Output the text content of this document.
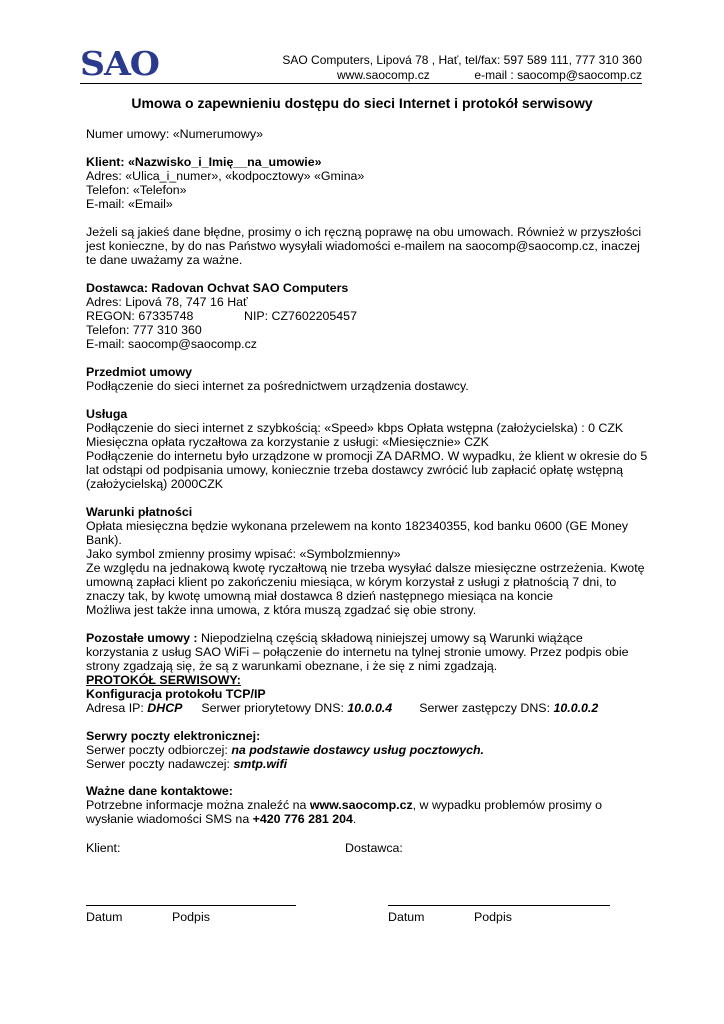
SAO	SAO Computers, Lipová 78 , Hať, tel/fax: 597 589 111, 777 310 360
www.saocomp.cz	e-mail : saocomp@saocomp.cz
Umowa o zapewnieniu dostępu do sieci Internet i protokół serwisowy
Numer umowy: «Numerumowy»
Klient: «Nazwisko_i_Imię__na_umowie»
Adres: «Ulica_i_numer», «kodpocztowy» «Gmina»
Telefon: «Telefon»
E-mail: «Email»
Jeżeli są jakieś dane błędne, prosimy o ich ręczną poprawę na obu umowach. Również w przyszłości
jest konieczne, by do nas Państwo wysyłali wiadomości e-mailem na saocomp@saocomp.cz, inaczej
te dane uważamy za ważne.
Dostawca: Radovan Ochvat SAO Computers
Adres: Lipová 78, 747 16 Hať
REGON: 67335748	NIP: CZ7602205457
Telefon: 777 310 360
E-mail: saocomp@saocomp.cz
Przedmiot umowy
Podłączenie do sieci internet za pośrednictwem urządzenia dostawcy.
Usługa
Podłączenie do sieci internet z szybkością: «Speed» kbps Opłata wstępna (założycielska) : 0 CZK
Miesięczna opłata ryczałtowa za korzystanie z usługi: «Miesięcznie» CZK
Podłączenie do internetu było urządzone w promocji ZA DARMO. W wypadku, że klient w okresie do 5
lat odstąpi od podpisania umowy, koniecznie trzeba dostawcy zwrócić lub zapłacić opłatę wstępną
(założycielską) 2000CZK
Warunki płatności
Opłata miesięczna będzie wykonana przelewem na konto 182340355, kod banku 0600 (GE Money
Bank).
Jako symbol zmienny prosimy wpisać: «Symbolzmienny»
Ze względu na jednakową kwotę ryczałtową nie trzeba wysyłać dalsze miesięczne ostrzeżenia. Kwotę
umowną zapłaci klient po zakończeniu miesiąca, w kórym korzystał z usługi z płatnością 7 dni, to
znaczy tak, by kwotę umowną miał dostawca 8 dzień następnego miesiąca na koncie
Możliwa jest także inna umowa, z która muszą zgadzać się obie strony.
Pozostałe umowy : Niepodzielną częścią składową niniejszej umowy są Warunki wiążące
korzystania z usług SAO WiFi – połączenie do internetu na tylnej stronie umowy. Przez podpis obie
strony zgadzają się, że są z warunkami obeznane, i że się z nimi zgadzają.
PROTOKÓŁ SERWISOWY:
Konfiguracja protokołu TCP/IP
Adresa IP: DHCP Serwer priorytetowy DNS: 10.0.0.4 Serwer zastępczy DNS: 10.0.0.2
Serwry poczty elektronicznej:
Serwer poczty odbiorczej: na podstawie dostawcy usług pocztowych.
Serwer poczty nadawczej: smtp.wifi
Ważne dane kontaktowe:
Potrzebne informacje można znaleźć na www.saocomp.cz, w wypadku problemów prosimy o
wysłanie wiadomości SMS na +420 776 281 204.
Klient:	Dostawca:
Datum	Podpis	Datum	Podpis
